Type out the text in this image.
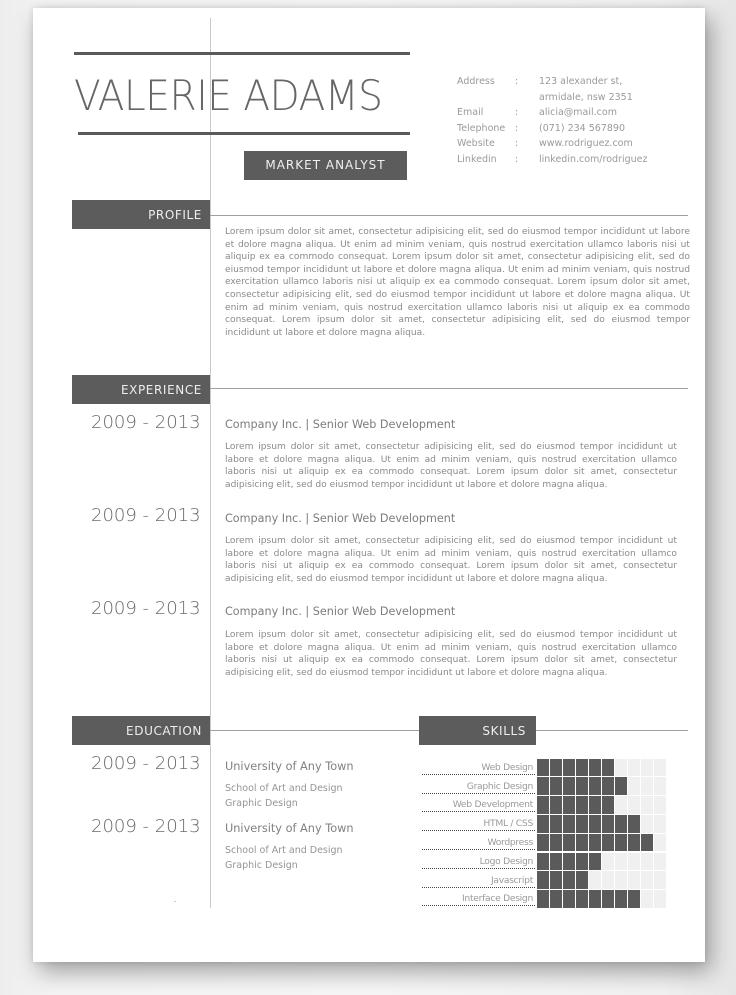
VALERIE ADAMS
MARKET ANALYST
Address	:	123 alexander st,
armidale, nsw 2351
Email	:	alicia@mail.com
Telephone	:	(071) 234 567890
Website	:	www.rodriguez.com
Linkedin	:	linkedin.com/rodriguez
PROFILE
Lorem ipsum dolor sit amet, consectetur adipisicing elit, sed do eiusmod tempor incididunt ut labore et dolore magna aliqua. Ut enim ad minim veniam, quis nostrud exercitation ullamco laboris nisi ut aliquip ex ea commodo consequat. Lorem ipsum dolor sit amet, consectetur adipisicing elit, sed do eiusmod tempor incididunt ut labore et dolore magna aliqua. Ut enim ad minim veniam, quis nostrud exercitation ullamco laboris nisi ut aliquip ex ea commodo consequat. Lorem ipsum dolor sit amet, consectetur adipisicing elit, sed do eiusmod tempor incididunt ut labore et dolore magna aliqua. Ut enim ad minim veniam, quis nostrud exercitation ullamco laboris nisi ut aliquip ex ea commodo consequat. Lorem ipsum dolor sit amet, consectetur adipisicing elit, sed do eiusmod tempor incididunt ut labore et dolore magna aliqua.
EXPERIENCE
2009 - 2013 Company Inc. | Senior Web Development
Lorem ipsum dolor sit amet, consectetur adipisicing elit, sed do eiusmod tempor incididunt ut labore et dolore magna aliqua. Ut enim ad minim veniam, quis nostrud exercitation ullamco laboris nisi ut aliquip ex ea commodo consequat. Lorem ipsum dolor sit amet, consectetur adipisicing elit, sed do eiusmod tempor incididunt ut labore et dolore magna aliqua.
2009 - 2013 Company Inc. | Senior Web Development
Lorem ipsum dolor sit amet, consectetur adipisicing elit, sed do eiusmod tempor incididunt ut labore et dolore magna aliqua. Ut enim ad minim veniam, quis nostrud exercitation ullamco laboris nisi ut aliquip ex ea commodo consequat. Lorem ipsum dolor sit amet, consectetur adipisicing elit, sed do eiusmod tempor incididunt ut labore et dolore magna aliqua.
2009 - 2013 Company Inc. | Senior Web Development
Lorem ipsum dolor sit amet, consectetur adipisicing elit, sed do eiusmod tempor incididunt ut labore et dolore magna aliqua. Ut enim ad minim veniam, quis nostrud exercitation ullamco laboris nisi ut aliquip ex ea commodo consequat. Lorem ipsum dolor sit amet, consectetur adipisicing elit, sed do eiusmod tempor incididunt ut labore et dolore magna aliqua.
EDUCATION
2009 - 2013 University of Any Town
School of Art and Design
Graphic Design
2009 - 2013 University of Any Town
School of Art and Design
Graphic Design
SKILLS
Web Design
Graphic Design
Web Development
HTML / CSS
Wordpress
Logo Design
Javascript
Interface Design
